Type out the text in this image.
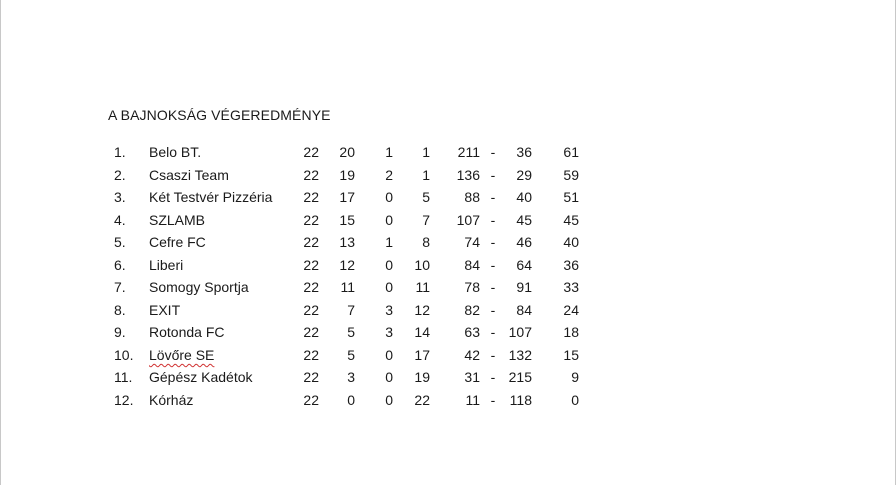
A BAJNOKSÁG VÉGEREDMÉNYE
1. Belo BT.	22	20	1	1	211 -	36	61
2. Csaszi Team	22	19	2	1	136 -	29	59
3. Két Testvér Pizzéria	22	17	0	5	88 -	40	51
4. SZLAMB	22	15	0	7	107 -	45	45
5. Cefre FC	22	13	1	8	74 -	46	40
6. Liberi	22	12	0	10	84 -	64	36
7. Somogy Sportja	22	11	0	11	78 -	91	33
8. EXIT	22	7	3	12	82 -	84	24
9. Rotonda FC	22	5	3	14	63 - 107	18
10. Lövőre SE	22	5	0	17	42 - 132	15
11. Gépész Kadétok	22	3	0	19	31 - 215	9
12. Kórház	22	0	0	22	11 -	118	0
